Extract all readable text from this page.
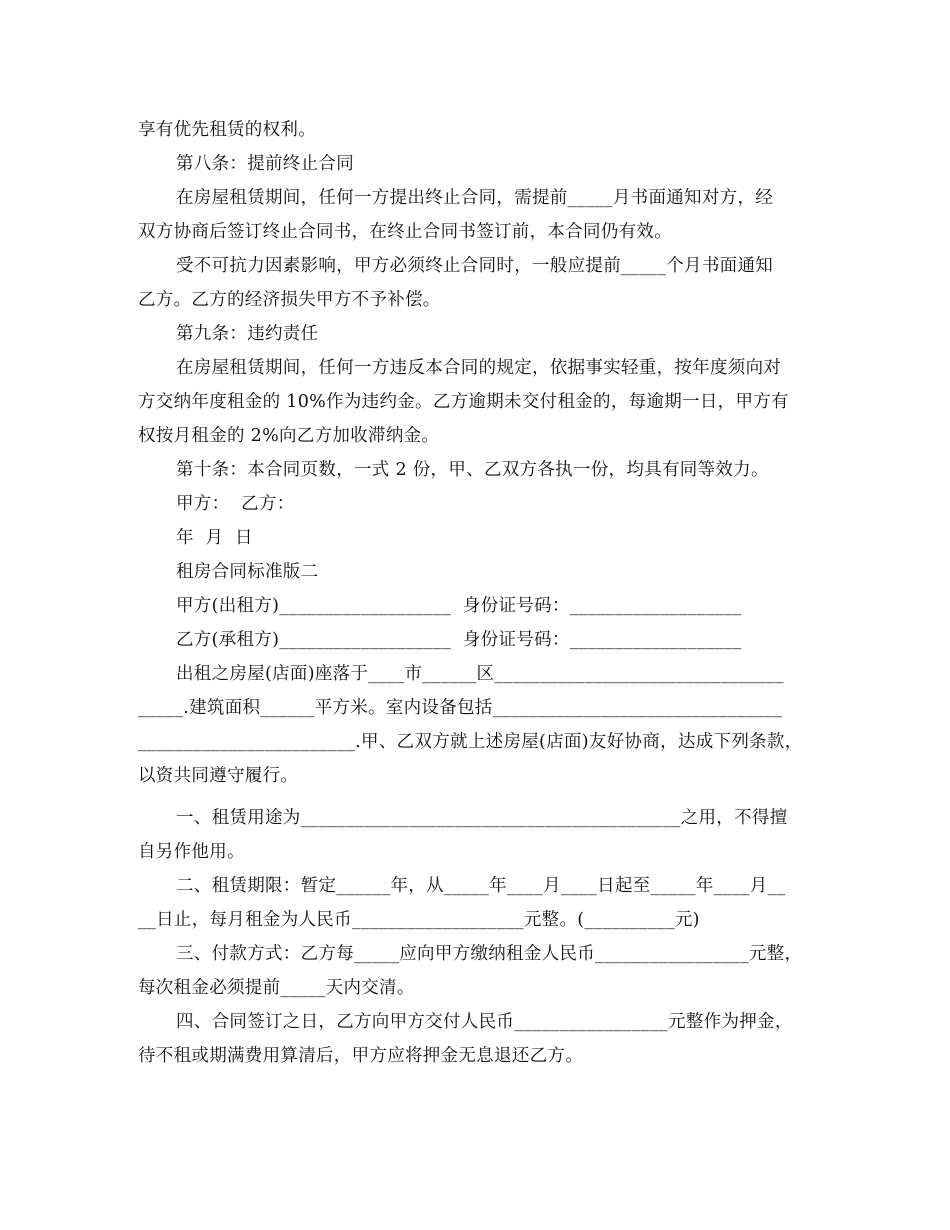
享有优先租赁的权利。
第八条：提前终止合同
在房屋租赁期间，任何一方提出终止合同，需提前_____月书面通知对方，经
双方协商后签订终止合同书，在终止合同书签订前，本合同仍有效。
受不可抗力因素影响，甲方必须终止合同时，一般应提前_____个月书面通知
乙方。乙方的经济损失甲方不予补偿。
第九条：违约责任
在房屋租赁期间，任何一方违反本合同的规定，依据事实轻重，按年度须向对
方交纳年度租金的 10%作为违约金。乙方逾期未交付租金的，每逾期一日，甲方有
权按月租金的 2%向乙方加收滞纳金。
第十条：本合同页数，一式 2 份，甲、乙双方各执一份，均具有同等效力。
甲方：  乙方：
年  月  日
租房合同标准版二
甲方(出租方)___________________  身份证号码：___________________
乙方(承租方)___________________  身份证号码：___________________
出租之房屋(店面)座落于____市______区________________________________
_____.建筑面积______平方米。室内设备包括________________________________
________________________.甲、乙双方就上述房屋(店面)友好协商，达成下列条款，
以资共同遵守履行。
一、租赁用途为__________________________________________之用，不得擅
自另作他用。
二、租赁期限：暂定______年，从_____年____月____日起至_____年____月__
__日止，每月租金为人民币___________________元整。(__________元)
三、付款方式：乙方每_____应向甲方缴纳租金人民币_________________元整，
每次租金必须提前_____天内交清。
四、合同签订之日，乙方向甲方交付人民币_________________元整作为押金，
待不租或期满费用算清后，甲方应将押金无息退还乙方。
